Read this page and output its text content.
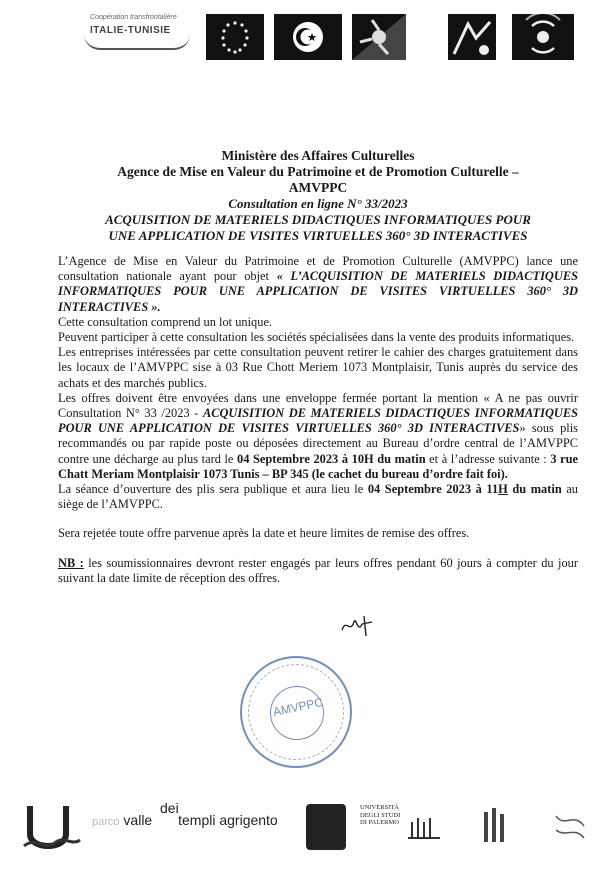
Coopération transfrontalière
ITALIE-TUNISIE
Ministère des Affaires Culturelles
Agence de Mise en Valeur du Patrimoine et de Promotion Culturelle –
AMVPPC
Consultation en ligne N° 33/2023
ACQUISITION DE MATERIELS DIDACTIQUES INFORMATIQUES POUR
UNE APPLICATION DE VISITES VIRTUELLES 360° 3D INTERACTIVES

L’Agence de Mise en Valeur du Patrimoine et de Promotion Culturelle (AMVPPC) lance une consultation nationale ayant pour objet « L’ACQUISITION DE MATERIELS DIDACTIQUES INFORMATIQUES POUR UNE APPLICATION DE VISITES VIRTUELLES 360° 3D INTERACTIVES ».

Cette consultation comprend un lot unique.

Peuvent participer à cette consultation les sociétés spécialisées dans la vente des produits informatiques.

Les entreprises intéressées par cette consultation peuvent retirer le cahier des charges gratuitement dans les locaux de l’AMVPPC sise à 03 Rue Chott Meriem 1073 Montplaisir, Tunis auprès du service des achats et des marchés publics.

Les offres doivent être envoyées dans une enveloppe fermée portant la mention « A ne pas ouvrir Consultation N° 33 /2023 - ACQUISITION DE MATERIELS DIDACTIQUES INFORMATIQUES POUR UNE APPLICATION DE VISITES VIRTUELLES 360° 3D INTERACTIVES» sous plis recommandés ou par rapide poste ou déposées directement au Bureau d’ordre central de l’AMVPPC contre une décharge au plus tard le 04 Septembre 2023 à 10H du matin et à l’adresse suivante : 3 rue Chatt Meriam Montplaisir 1073 Tunis – BP 345 (le cachet du bureau d’ordre fait foi).

La séance d’ouverture des plis sera publique et aura lieu le 04 Septembre 2023 à 11H du matin au siège de l’AMVPPC.

Sera rejetée toute offre parvenue après la date et heure limites de remise des offres.

NB : les soumissionnaires devront rester engagés par leurs offres pendant 60 jours à compter du jour suivant la date limite de réception des offres.

AMVPPC
parco valle
dei
templi agrigento
UNIVERSITÀ DEGLI STUDI DI PALERMO
